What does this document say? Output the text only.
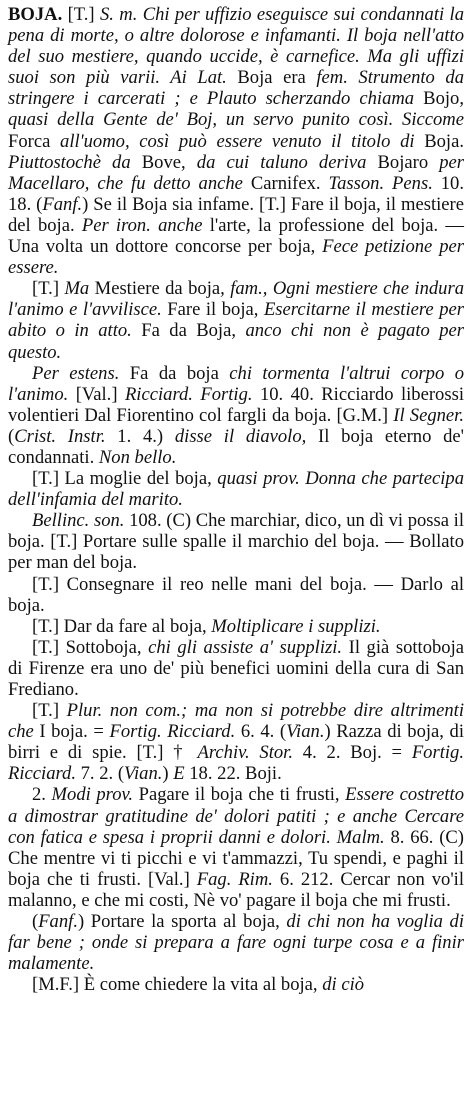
BOJA. [T.] S. m. Chi per uffizio eseguisce sui condannati la pena di morte, o altre dolorose e infamanti. Il boja nell'atto del suo mestiere, quando uccide, è carnefice. Ma gli uffizi suoi son più varii. Ai Lat. Boja era fem. Strumento da stringere i carcerati ; e Plauto scherzando chiama Bojo, quasi della Gente de' Boj, un servo punito così. Siccome Forca all'uomo, così può essere venuto il titolo di Boja. Piuttostochè da Bove, da cui taluno deriva Bojaro per Macellaro, che fu detto anche Carnifex. Tasson. Pens. 10. 18. (Fanf.) Se il Boja sia infame. [T.] Fare il boja, il mestiere del boja. Per iron. anche l'arte, la professione del boja. — Una volta un dottore concorse per boja, Fece petizione per essere.

[T.] Ma Mestiere da boja, fam., Ogni mestiere che indura l'animo e l'avvilisce. Fare il boja, Esercitarne il mestiere per abito o in atto. Fa da Boja, anco chi non è pagato per questo.

Per estens. Fa da boja chi tormenta l'altrui corpo o l'animo. [Val.] Ricciard. Fortig. 10. 40. Ricciardo liberossi volentieri Dal Fiorentino col fargli da boja. [G.M.] Il Segner. (Crist. Instr. 1. 4.) disse il diavolo, Il boja eterno de' condannati. Non bello.

[T.] La moglie del boja, quasi prov. Donna che partecipa dell'infamia del marito.

Bellinc. son. 108. (C) Che marchiar, dico, un dì vi possa il boja. [T.] Portare sulle spalle il marchio del boja. — Bollato per man del boja.

[T.] Consegnare il reo nelle mani del boja. — Darlo al boja.

[T.] Dar da fare al boja, Moltiplicare i supplizi.

[T.] Sottoboja, chi gli assiste a' supplizi. Il già sottoboja di Firenze era uno de' più benefici uomini della cura di San Frediano.

[T.] Plur. non com.; ma non si potrebbe dire altrimenti che I boja. = Fortig. Ricciard. 6. 4. (Vian.) Razza di boja, di birri e di spie. [T.] † Archiv. Stor. 4. 2. Boj. = Fortig. Ricciard. 7. 2. (Vian.) E 18. 22. Boji.

2. Modi prov. Pagare il boja che ti frusti, Essere costretto a dimostrar gratitudine de' dolori patiti ; e anche Cercare con fatica e spesa i proprii danni e dolori. Malm. 8. 66. (C) Che mentre vi ti picchi e vi t'ammazzi, Tu spendi, e paghi il boja che ti frusti. [Val.] Fag. Rim. 6. 212. Cercar non vo'il malanno, e che mi costi, Nè vo' pagare il boja che mi frusti.

(Fanf.) Portare la sporta al boja, di chi non ha voglia di far bene ; onde si prepara a fare ogni turpe cosa e a finir malamente.

[M.F.] È come chiedere la vita al boja, di ciò
